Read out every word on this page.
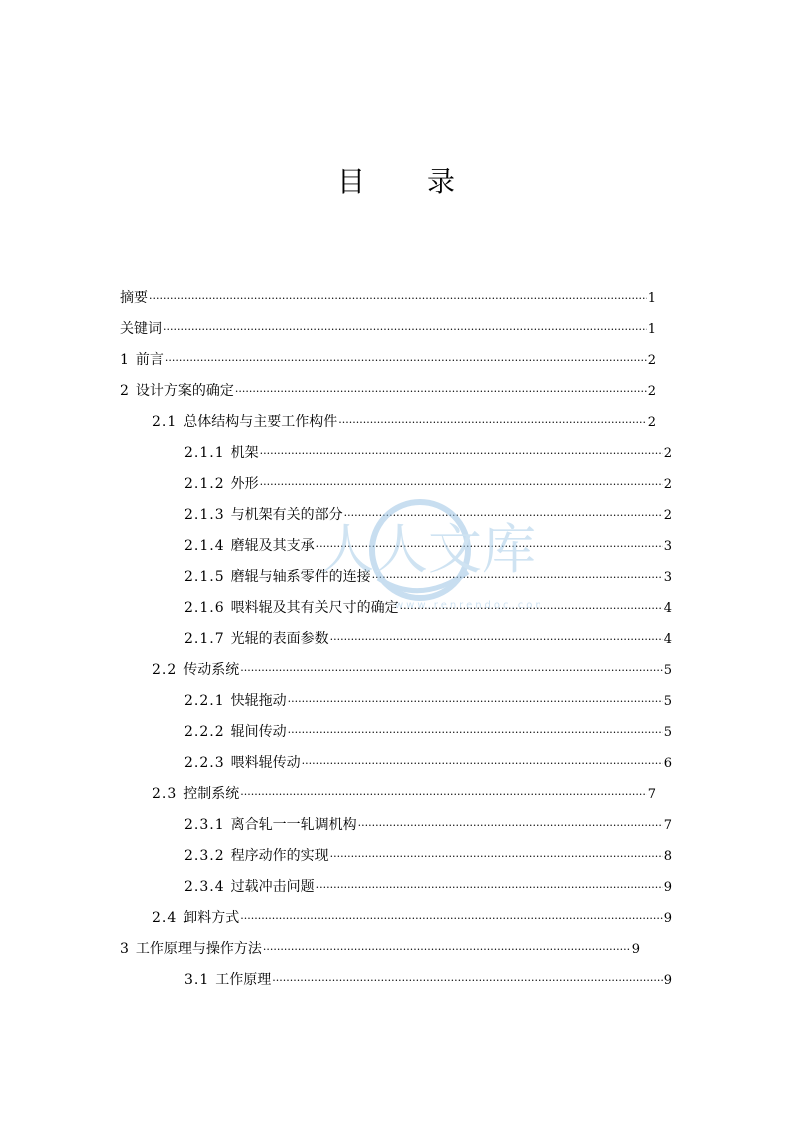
目 录
摘要 ·····	1
关键词 ·····	1
1 前言 ·····	2
2 设计方案的确定 ·····	2
2.1 总体结构与主要工作构件 ·····	2
2.1.1 机架 ·····	2
2.1.2 外形 ·····	2
2.1.3 与机架有关的部分 ·····	2
2.1.4 磨辊及其支承 ·····	3
2.1.5 磨辊与轴系零件的连接 ·····	3
2.1.6 喂料辊及其有关尺寸的确定 ·····	4
2.1.7 光辊的表面参数 ·····	4
2.2 传动系统 ·····	5
2.2.1 快辊拖动 ·····	5
2.2.2 辊间传动 ·····	5
2.2.3 喂料辊传动 ·····	6
2.3 控制系统 ·····	7
2.3.1 离合轧一一轧调机构 ·····	7
2.3.2 程序动作的实现 ·····	8
2.3.4 过载冲击问题 ·····	9
2.4 卸料方式 ·····	9
3 工作原理与操作方法 ·····	9
3.1 工作原理 ·····	9
人人文库
www.renrendoc.com
